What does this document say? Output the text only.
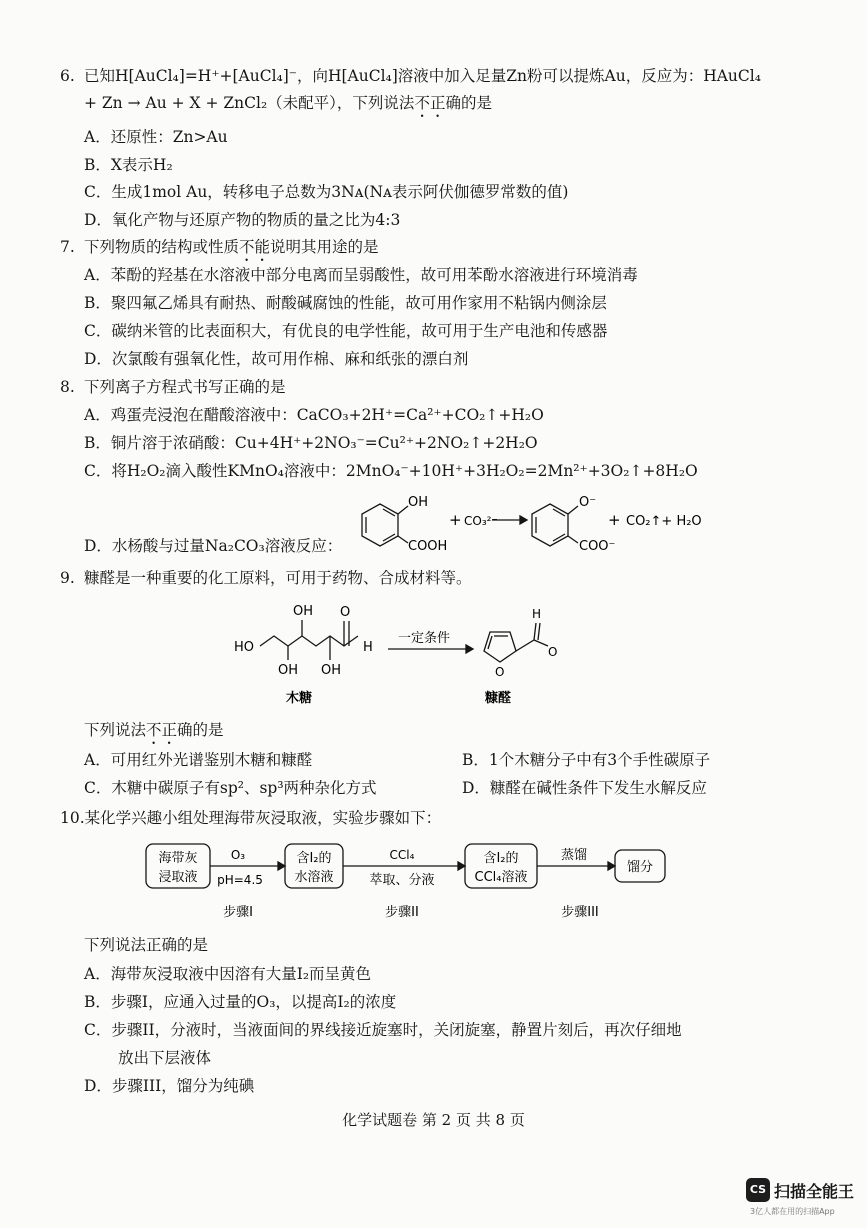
6. 已知H[AuCl₄]=H⁺+[AuCl₄]⁻，向H[AuCl₄]溶液中加入足量Zn粉可以提炼Au，反应为：HAuCl₄
+ Zn → Au + X + ZnCl₂（未配平），下列说法不正确的是
A．还原性：Zn>Au
B．X表示H₂
C．生成1mol Au，转移电子总数为3Nᴀ(Nᴀ表示阿伏伽德罗常数的值)
D．氧化产物与还原产物的物质的量之比为4:3
7. 下列物质的结构或性质不能说明其用途的是
A．苯酚的羟基在水溶液中部分电离而呈弱酸性，故可用苯酚水溶液进行环境消毒
B．聚四氟乙烯具有耐热、耐酸碱腐蚀的性能，故可用作家用不粘锅内侧涂层
C．碳纳米管的比表面积大，有优良的电学性能，故可用于生产电池和传感器
D．次氯酸有强氧化性，故可用作棉、麻和纸张的漂白剂
8. 下列离子方程式书写正确的是
A．鸡蛋壳浸泡在醋酸溶液中：CaCO₃+2H⁺=Ca²⁺+CO₂↑+H₂O
B．铜片溶于浓硝酸：Cu+4H⁺+2NO₃⁻=Cu²⁺+2NO₂↑+2H₂O
C．将H₂O₂滴入酸性KMnO₄溶液中：2MnO₄⁻+10H⁺+3H₂O₂=2Mn²⁺+3O₂↑+8H₂O
D．水杨酸与过量Na₂CO₃溶液反应：
OH
COOH
+ CO₃²⁻
O⁻
COO⁻
+ CO₂↑+ H₂O
9. 糠醛是一种重要的化工原料，可用于药物、合成材料等。
OH O
HO
OH OH
H
一定条件
O
H
O
木糖	糠醛
下列说法不正确的是
A．可用红外光谱鉴别木糖和糠醛	B．1个木糖分子中有3个手性碳原子
C．木糖中碳原子有sp²、sp³两种杂化方式	D．糠醛在碱性条件下发生水解反应
10.某化学兴趣小组处理海带灰浸取液，实验步骤如下：
海带灰
浸取液
O₃
pH=4.5
含I₂的
水溶液
CCl₄
萃取、分液
含I₂的
CCl₄溶液
蒸馏
馏分
步骤I	步骤II	步骤III
下列说法正确的是
A．海带灰浸取液中因溶有大量I₂而呈黄色
B．步骤I，应通入过量的O₃，以提高I₂的浓度
C．步骤II，分液时，当液面间的界线接近旋塞时，关闭旋塞，静置片刻后，再次仔细地
放出下层液体
D．步骤III，馏分为纯碘
化学试题卷 第 2 页 共 8 页
CS 扫描全能王
3亿人都在用的扫描App
